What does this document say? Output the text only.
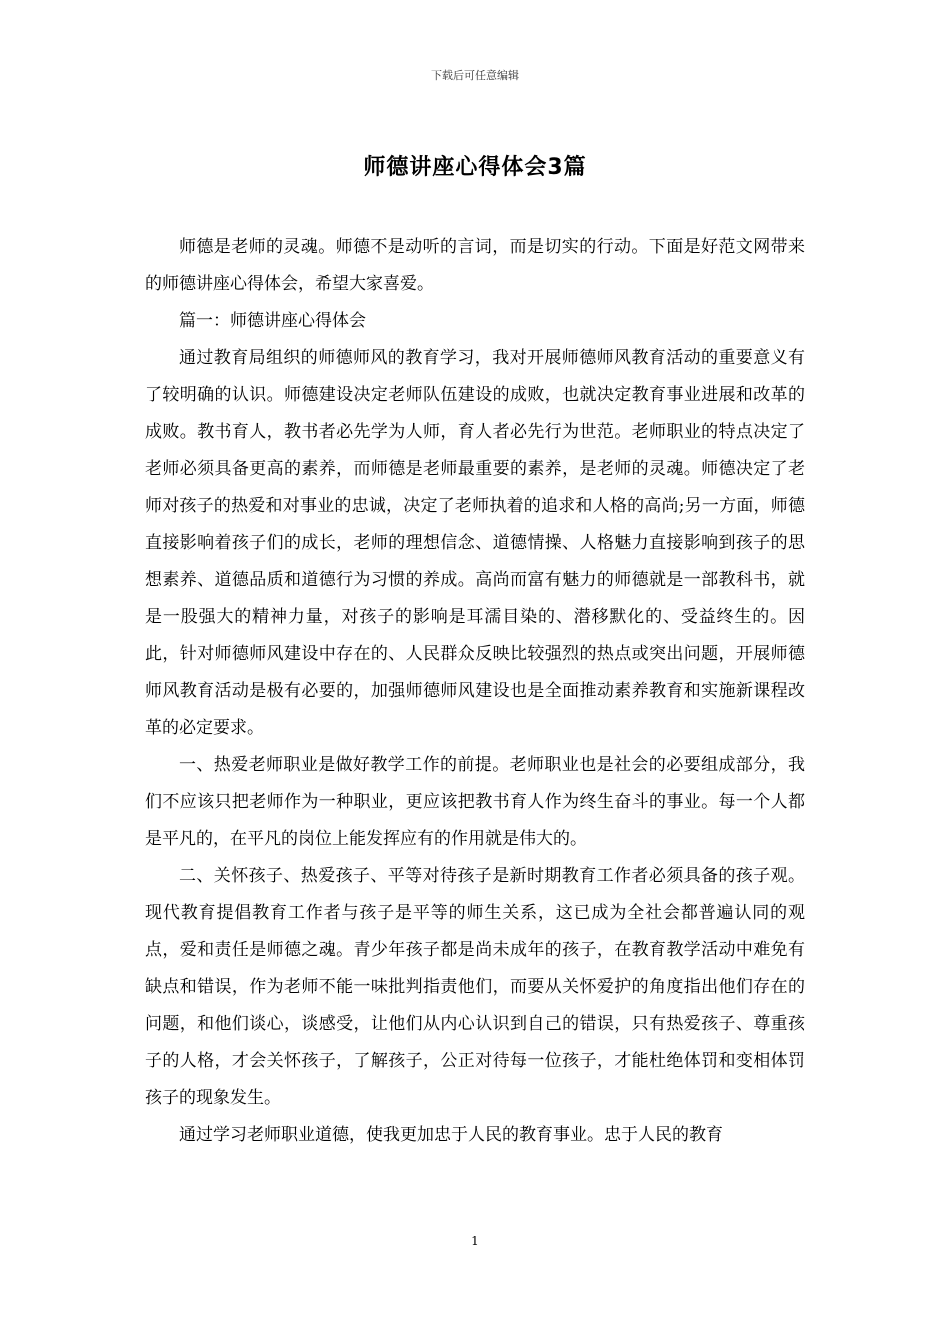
下载后可任意编辑
师德讲座心得体会3篇

师德是老师的灵魂。师德不是动听的言词，而是切实的行动。下面是好范文网带来的师德讲座心得体会，希望大家喜爱。

篇一：师德讲座心得体会

通过教育局组织的师德师风的教育学习，我对开展师德师风教育活动的重要意义有了较明确的认识。师德建设决定老师队伍建设的成败，也就决定教育事业进展和改革的成败。教书育人，教书者必先学为人师，育人者必先行为世范。老师职业的特点决定了老师必须具备更高的素养，而师德是老师最重要的素养，是老师的灵魂。师德决定了老师对孩子的热爱和对事业的忠诚，决定了老师执着的追求和人格的高尚;另一方面，师德直接影响着孩子们的成长，老师的理想信念、道德情操、人格魅力直接影响到孩子的思想素养、道德品质和道德行为习惯的养成。高尚而富有魅力的师德就是一部教科书，就是一股强大的精神力量，对孩子的影响是耳濡目染的、潜移默化的、受益终生的。因此，针对师德师风建设中存在的、人民群众反映比较强烈的热点或突出问题，开展师德师风教育活动是极有必要的，加强师德师风建设也是全面推动素养教育和实施新课程改革的必定要求。

一、热爱老师职业是做好教学工作的前提。老师职业也是社会的必要组成部分，我们不应该只把老师作为一种职业，更应该把教书育人作为终生奋斗的事业。每一个人都是平凡的，在平凡的岗位上能发挥应有的作用就是伟大的。

二、关怀孩子、热爱孩子、平等对待孩子是新时期教育工作者必须具备的孩子观。现代教育提倡教育工作者与孩子是平等的师生关系，这已成为全社会都普遍认同的观点，爱和责任是师德之魂。青少年孩子都是尚未成年的孩子，在教育教学活动中难免有缺点和错误，作为老师不能一味批判指责他们，而要从关怀爱护的角度指出他们存在的问题，和他们谈心，谈感受，让他们从内心认识到自己的错误，只有热爱孩子、尊重孩子的人格，才会关怀孩子，了解孩子，公正对待每一位孩子，才能杜绝体罚和变相体罚孩子的现象发生。

通过学习老师职业道德，使我更加忠于人民的教育事业。忠于人民的教育

1
